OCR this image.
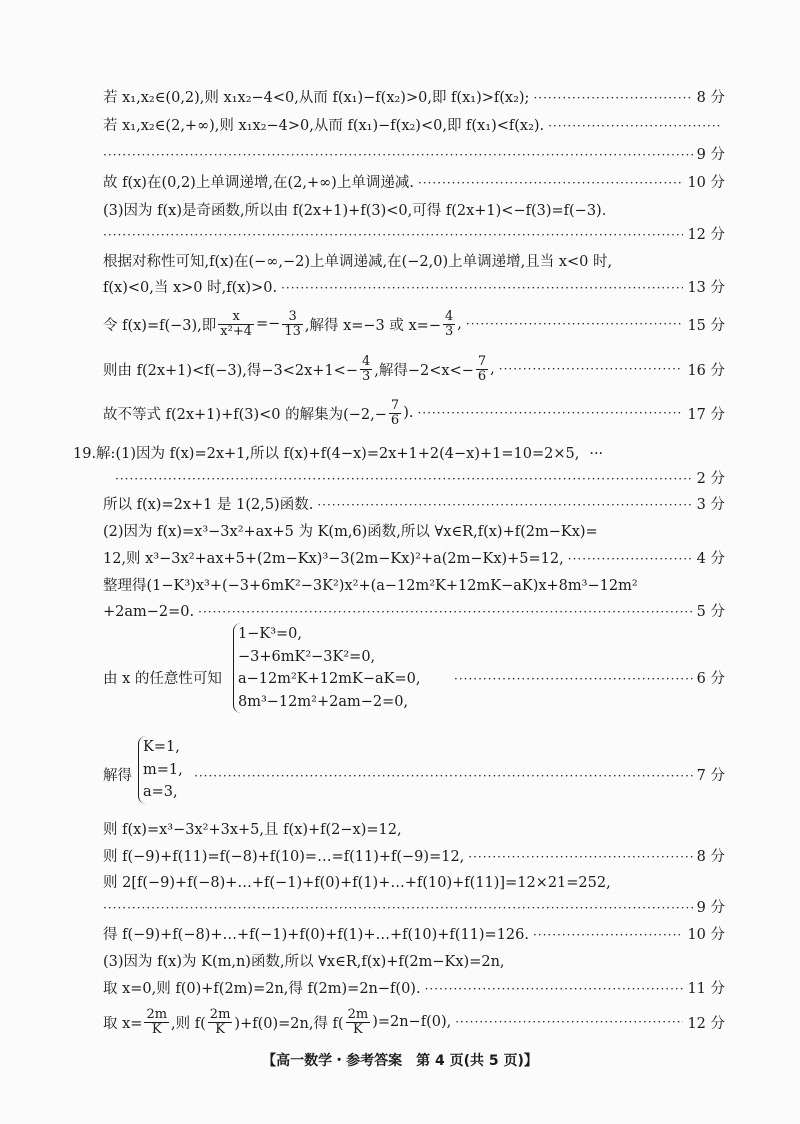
若 x₁,x₂∈(0,2),则 x₁x₂−4<0,从而 f(x₁)−f(x₂)>0,即 f(x₁)>f(x₂); ·····	8 分
若 x₁,x₂∈(2,+∞),则 x₁x₂−4>0,从而 f(x₁)−f(x₂)<0,即 f(x₁)<f(x₂).
·····
·····
9 分
故 f(x)在(0,2)上单调递增,在(2,+∞)上单调递减. ·····	10 分
(3)因为 f(x)是奇函数,所以由 f(2x+1)+f(3)<0,可得 f(2x+1)<−f(3)=f(−3).
·····
12 分
根据对称性可知,f(x)在(−∞,−2)上单调递减,在(−2,0)上单调递增,且当 x<0 时,
f(x)<0,当 x>0 时,f(x)>0. ·····	13 分
令 f(x)=f(−3),即 $\frac{x}{\text{x²+4}} =- \frac{3}{13}$ ,解得 x=−3 或 $x=- \frac{4}{3}$ , ·····	15 分
则由 f(2x+1)<f(−3),得$-3<2x+1<- \frac{4}{3}$ ,解得$-2<x<- \frac{7}{6}$ , ·····	16 分
故不等式 f(2x+1)+f(3)<0 的解集为($-2,- \frac{7}{6}$ ). ·····	17 分
19.解:(1)因为 f(x)=2x+1,所以 f(x)+f(4−x)=2x+1+2(4−x)+1=10=2×5, ···
·····
2 分
所以 f(x)=2x+1 是 1(2,5)函数. ·····	3 分
(2)因为 f(x)=x³−3x²+ax+5 为 K(m,6)函数,所以 ∀x∈R,f(x)+f(2m−Kx)=
12,则 x³−3x²+ax+5+(2m−Kx)³−3(2m−Kx)²+a(2m−Kx)+5=12, ·····	4 分
整理得(1−K³)x³+(−3+6mK²−3K²)x²+(a−12m²K+12mK−aK)x+8m³−12m²
+2am−2=0. ·····	5 分
由 x 的任意性可知
1−K³=0,
−3+6mK²−3K²=0,
a−12m²K+12mK−aK=0,
8m³−12m²+2am−2=0,
·····
6 分
解得
K=1,
m=1,
a=3,
·····
7 分
则 f(x)=x³−3x²+3x+5,且 f(x)+f(2−x)=12,
则 f(−9)+f(11)=f(−8)+f(10)=…=f(11)+f(−9)=12, ·····	8 分
则 2[f(−9)+f(−8)+…+f(−1)+f(0)+f(1)+…+f(10)+f(11)]=12×21=252,
·····
9 分
得 f(−9)+f(−8)+…+f(−1)+f(0)+f(1)+…+f(10)+f(11)=126. ·····	10 分
(3)因为 f(x)为 K(m,n)函数,所以 ∀x∈R,f(x)+f(2m−Kx)=2n,
取 x=0,则 f(0)+f(2m)=2n,得 f(2m)=2n−f(0). ·····	11 分
取 $x= \frac{2m}{K}$ ,则 $f( \frac{2m}{K} )+f(0)=2n$,得 $f( \frac{2m}{K} )=2n-f(0)$, ·····	12 分
【高一数学・参考答案　第 4 页(共 5 页)】
